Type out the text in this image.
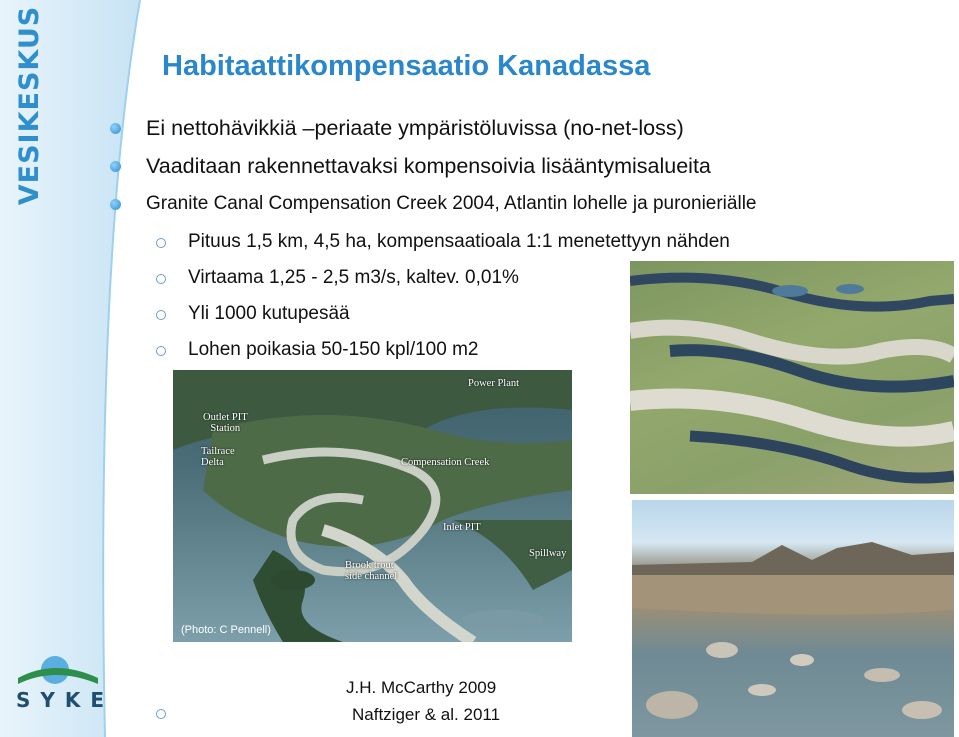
VESIKESKUS
SYKE
Habitaattikompensaatio Kanadassa
Ei nettohävikkiä –periaate ympäristöluvissa (no-net-loss)
Vaaditaan rakennettavaksi kompensoivia lisääntymisalueita
Granite Canal Compensation Creek 2004, Atlantin lohelle ja puronieriälle
Pituus 1,5 km, 4,5 ha, kompensaatioala 1:1 menetettyyn nähden
Virtaama 1,25 - 2,5 m3/s, kaltev. 0,01%
Yli 1000 kutupesää
Lohen poikasia 50-150 kpl/100 m2
Power Plant
Outlet PIT
Station
Tailrace
Delta	Compensation Creek
Inlet PIT
Spillway
Brook trout
side channel
(Photo: C Pennell)
J.H. McCarthy 2009
Naftziger & al. 2011
